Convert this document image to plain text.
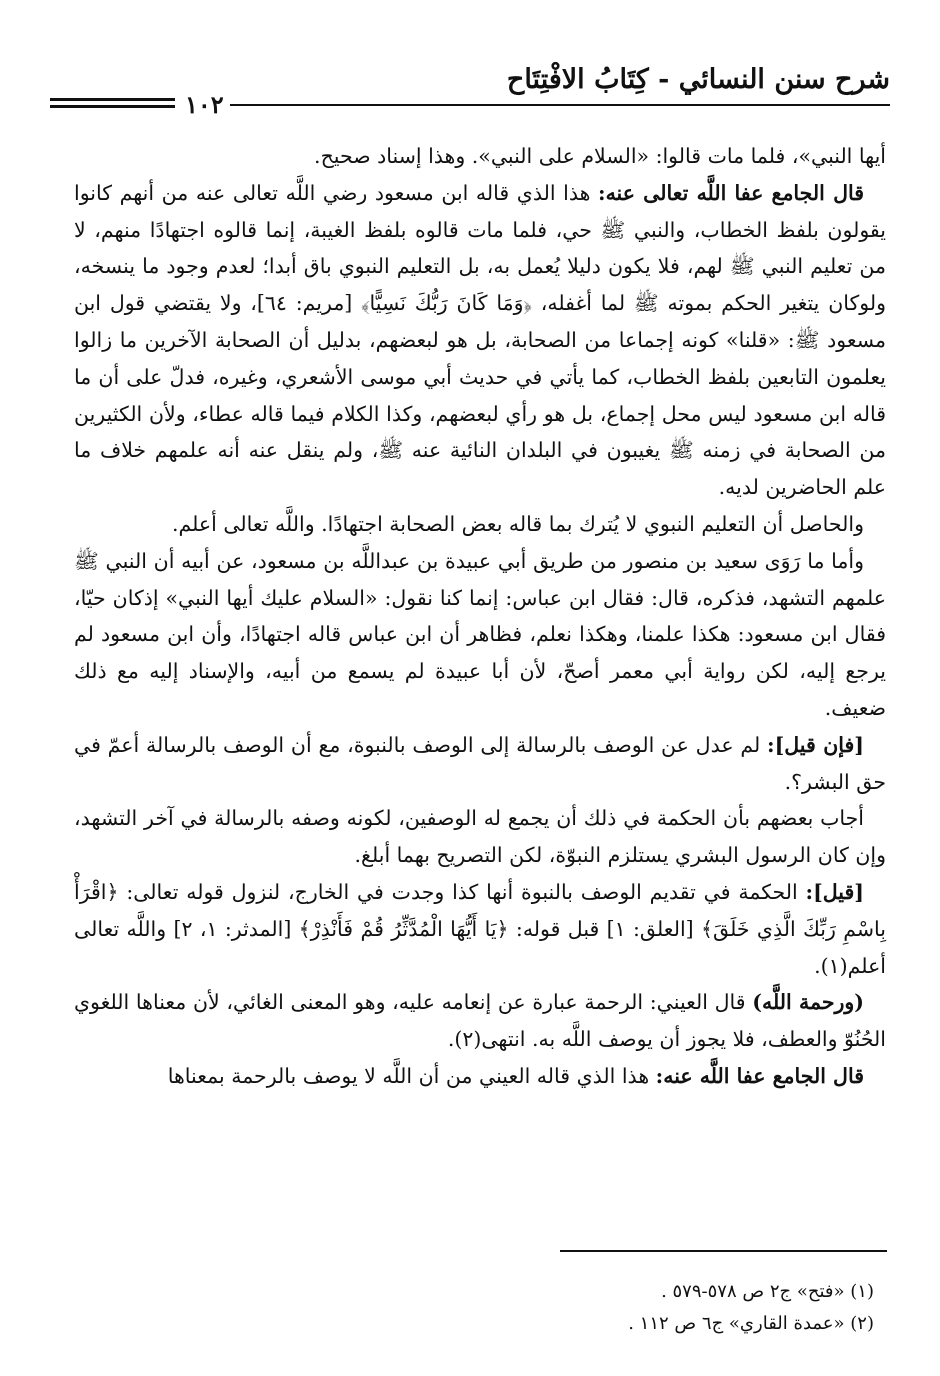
شرح سنن النسائي - كِتَابُ الافْتِتَاح
١٠٢

أيها النبي»، فلما مات قالوا: «السلام على النبي». وهذا إسناد صحيح.

قال الجامع عفا اللَّه تعالى عنه: هذا الذي قاله ابن مسعود رضي اللَّه تعالى عنه من أنهم كانوا يقولون بلفظ الخطاب، والنبي ﷺ حي، فلما مات قالوه بلفظ الغيبة، إنما قالوه اجتهادًا منهم، لا من تعليم النبي ﷺ لهم، فلا يكون دليلا يُعمل به، بل التعليم النبوي باق أبدا؛ لعدم وجود ما ينسخه، ولوكان يتغير الحكم بموته ﷺ لما أغفله، ﴿وَمَا كَانَ رَبُّكَ نَسِيًّا﴾ [مريم: ٦٤]، ولا يقتضي قول ابن مسعود ﷺ: «قلنا» كونه إجماعا من الصحابة، بل هو لبعضهم، بدليل أن الصحابة الآخرين ما زالوا يعلمون التابعين بلفظ الخطاب، كما يأتي في حديث أبي موسى الأشعري، وغيره، فدلّ على أن ما قاله ابن مسعود ليس محل إجماع، بل هو رأي لبعضهم، وكذا الكلام فيما قاله عطاء، ولأن الكثيرين من الصحابة في زمنه ﷺ يغيبون في البلدان النائية عنه ﷺ، ولم ينقل عنه أنه علمهم خلاف ما علم الحاضرين لديه.

والحاصل أن التعليم النبوي لا يُترك بما قاله بعض الصحابة اجتهادًا. واللَّه تعالى أعلم.

وأما ما رَوَى سعيد بن منصور من طريق أبي عبيدة بن عبداللَّه بن مسعود، عن أبيه أن النبي ﷺ علمهم التشهد، فذكره، قال: فقال ابن عباس: إنما كنا نقول: «السلام عليك أيها النبي» إذكان حيّا، فقال ابن مسعود: هكذا علمنا، وهكذا نعلم، فظاهر أن ابن عباس قاله اجتهادًا، وأن ابن مسعود لم يرجع إليه، لكن رواية أبي معمر أصحّ، لأن أبا عبيدة لم يسمع من أبيه، والإسناد إليه مع ذلك ضعيف.

[فإن قيل]: لم عدل عن الوصف بالرسالة إلى الوصف بالنبوة، مع أن الوصف بالرسالة أعمّ في حق البشر؟.

أجاب بعضهم بأن الحكمة في ذلك أن يجمع له الوصفين، لكونه وصفه بالرسالة في آخر التشهد، وإن كان الرسول البشري يستلزم النبوّة، لكن التصريح بهما أبلغ.

[قيل]: الحكمة في تقديم الوصف بالنبوة أنها كذا وجدت في الخارج، لنزول قوله تعالى: ﴿اقْرَأْ بِاسْمِ رَبِّكَ الَّذِي خَلَقَ﴾ [العلق: ١] قبل قوله: ﴿يَا أَيُّهَا الْمُدَّثِّرُ قُمْ فَأَنْذِرْ﴾ [المدثر: ١، ٢] واللَّه تعالى أعلم(١).

(ورحمة اللَّه) قال العيني: الرحمة عبارة عن إنعامه عليه، وهو المعنى الغائي، لأن معناها اللغوي الحُنُوّ والعطف، فلا يجوز أن يوصف اللَّه به. انتهى(٢).

قال الجامع عفا اللَّه عنه: هذا الذي قاله العيني من أن اللَّه لا يوصف بالرحمة بمعناها

(١) «فتح» ج٢ ص ٥٧٨-٥٧٩ .
(٢) «عمدة القاري» ج٦ ص ١١٢ .
